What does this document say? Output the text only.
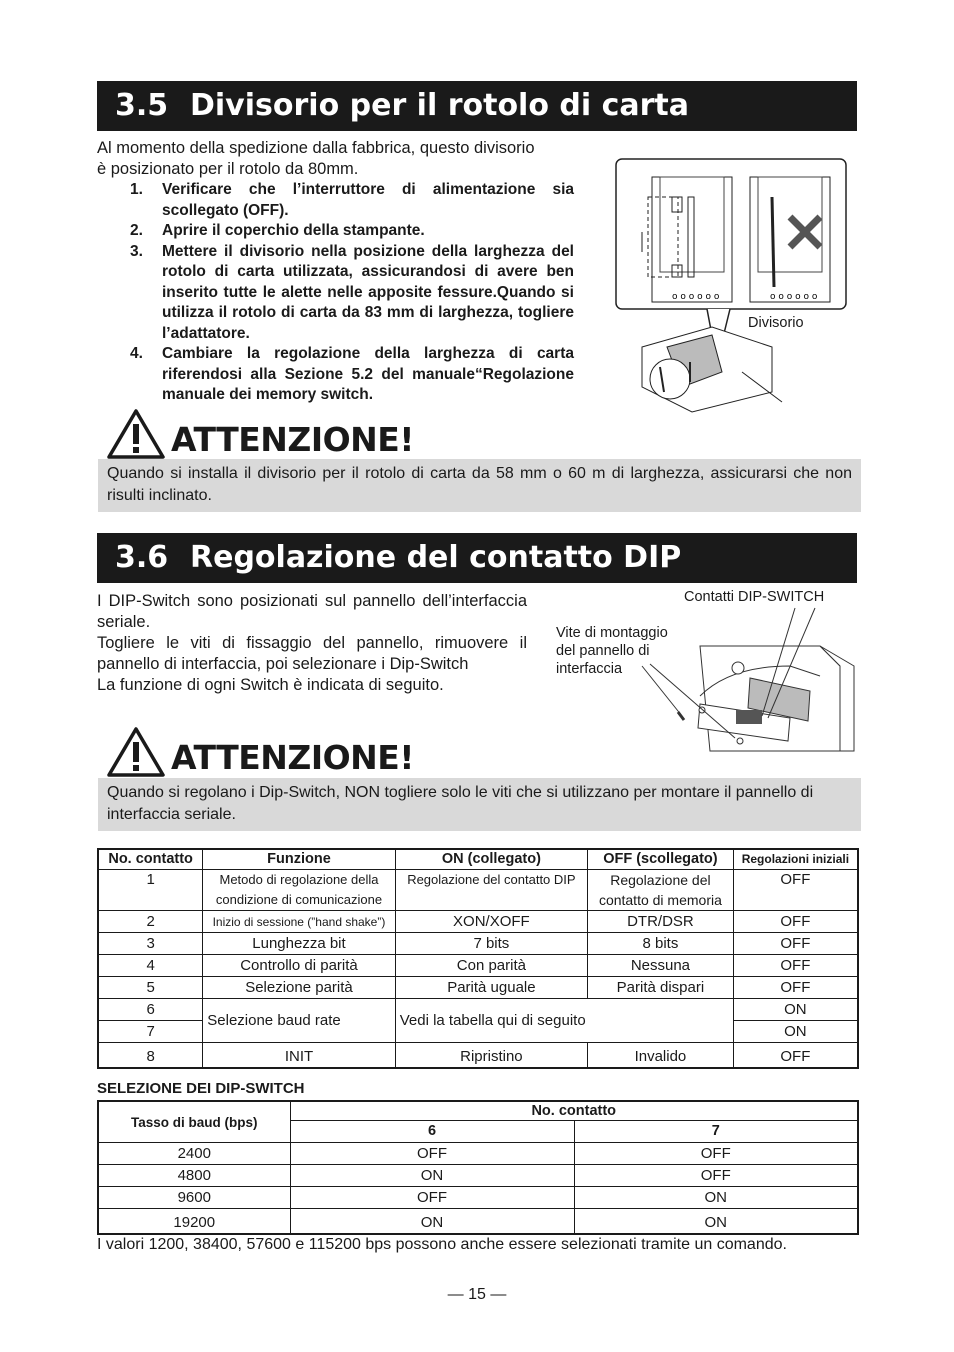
3.5 Divisorio per il rotolo di carta
Al momento della spedizione dalla fabbrica, questo divisorio
è posizionato per il rotolo da 80mm.
1.	Verificare che l’interruttore di alimentazione sia scollegato (OFF).
2.	Aprire il coperchio della stampante.
3.	Mettere il divisorio nella posizione della larghezza del rotolo di carta utilizzata, assicurandosi di avere ben inserito tutte le alette nelle apposite fessure.Quando si utilizza il rotolo di carta da 83 mm di larghezza, togliere l’adattatore.
4.	Cambiare la regolazione della larghezza di carta riferendosi alla Sezione 5.2 del manuale“Regolazione manuale dei memory switch.
o o o o o o	o o o o o o
Divisorio
ATTENZIONE!
Quando si installa il divisorio per il rotolo di carta da 58 mm o 60 m di larghezza, assicurarsi che non risulti inclinato.
3.6 Regolazione del contatto DIP
I DIP-Switch sono posizionati sul pannello dell’interfaccia seriale.
Togliere le viti di fissaggio del pannello, rimuovere il pannello di interfaccia, poi selezionare i Dip-Switch
La funzione di ogni Switch è indicata di seguito.
Contatti DIP-SWITCH
Vite di montaggio
del pannello di
interfaccia
ATTENZIONE!
Quando si regolano i Dip-Switch, NON togliere solo le viti che si utilizzano per montare il pannello di interfaccia seriale.
No. contatto	Funzione	ON (collegato)	OFF (scollegato)	Regolazioni iniziali
1	Metodo di regolazione della condizione di comunicazione	Regolazione del contatto DIP	Regolazione del contatto di memoria	OFF
2	Inizio di sessione (”hand shake”)	XON/XOFF	DTR/DSR	OFF
3	Lunghezza bit	7 bits	8 bits	OFF
4	Controllo di parità	Con parità	Nessuna	OFF
5	Selezione parità	Parità uguale	Parità dispari	OFF
6	Selezione baud rate	Vedi la tabella qui di seguito		ON
7				ON
8	INIT	Ripristino	Invalido	OFF
SELEZIONE DEI DIP-SWITCH
Tasso di baud (bps)	No. contatto	
	6	7
2400	OFF	OFF
4800	ON	OFF
9600	OFF	ON
19200	ON	ON
I valori 1200, 38400, 57600 e 115200 bps possono anche essere selezionati tramite un comando.
— 15 —
